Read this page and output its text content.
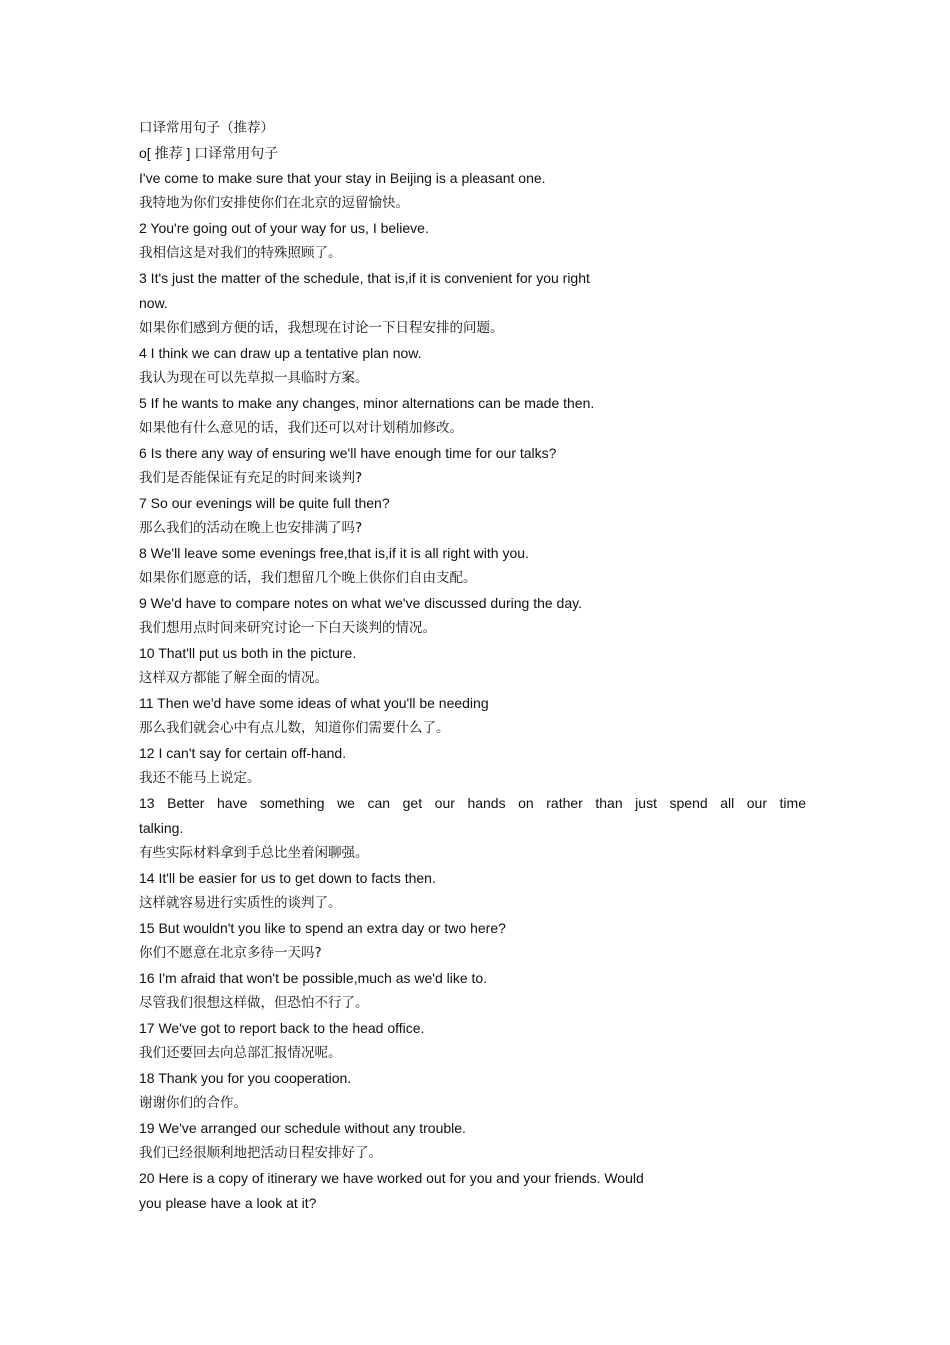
口译常用句子（推荐）
o[ 推荐 ] 口译常用句子
I've come to make sure that your stay in Beijing is a pleasant one.
我特地为你们安排使你们在北京的逗留愉快。
2 You're going out of your way for us, I believe.
我相信这是对我们的特殊照顾了。
3 It's just the matter of the schedule, that is,if it is convenient for you right
now.
如果你们感到方便的话，我想现在讨论一下日程安排的问题。
4 I think we can draw up a tentative plan now.
我认为现在可以先草拟一具临时方案。
5 If he wants to make any changes, minor alternations can be made then.
如果他有什么意见的话，我们还可以对计划稍加修改。
6 Is there any way of ensuring we'll have enough time for our talks?
我们是否能保证有充足的时间来谈判?
7 So our evenings will be quite full then?
那么我们的活动在晚上也安排满了吗?
8 We'll leave some evenings free,that is,if it is all right with you.
如果你们愿意的话，我们想留几个晚上供你们自由支配。
9 We'd have to compare notes on what we've discussed during the day.
我们想用点时间来研究讨论一下白天谈判的情况。
10 That'll put us both in the picture.
这样双方都能了解全面的情况。
11 Then we'd have some ideas of what you'll be needing
那么我们就会心中有点儿数，知道你们需要什么了。
12 I can't say for certain off-hand.
我还不能马上说定。
13 Better have something we can get our hands on rather than just spend all our time
talking.
有些实际材料拿到手总比坐着闲聊强。
14 It'll be easier for us to get down to facts then.
这样就容易进行实质性的谈判了。
15 But wouldn't you like to spend an extra day or two here?
你们不愿意在北京多待一天吗?
16 I'm afraid that won't be possible,much as we'd like to.
尽管我们很想这样做，但恐怕不行了。
17 We've got to report back to the head office.
我们还要回去向总部汇报情况呢。
18 Thank you for you cooperation.
谢谢你们的合作。
19 We've arranged our schedule without any trouble.
我们已经很顺利地把活动日程安排好了。
20 Here is a copy of itinerary we have worked out for you and your friends. Would
you please have a look at it?
